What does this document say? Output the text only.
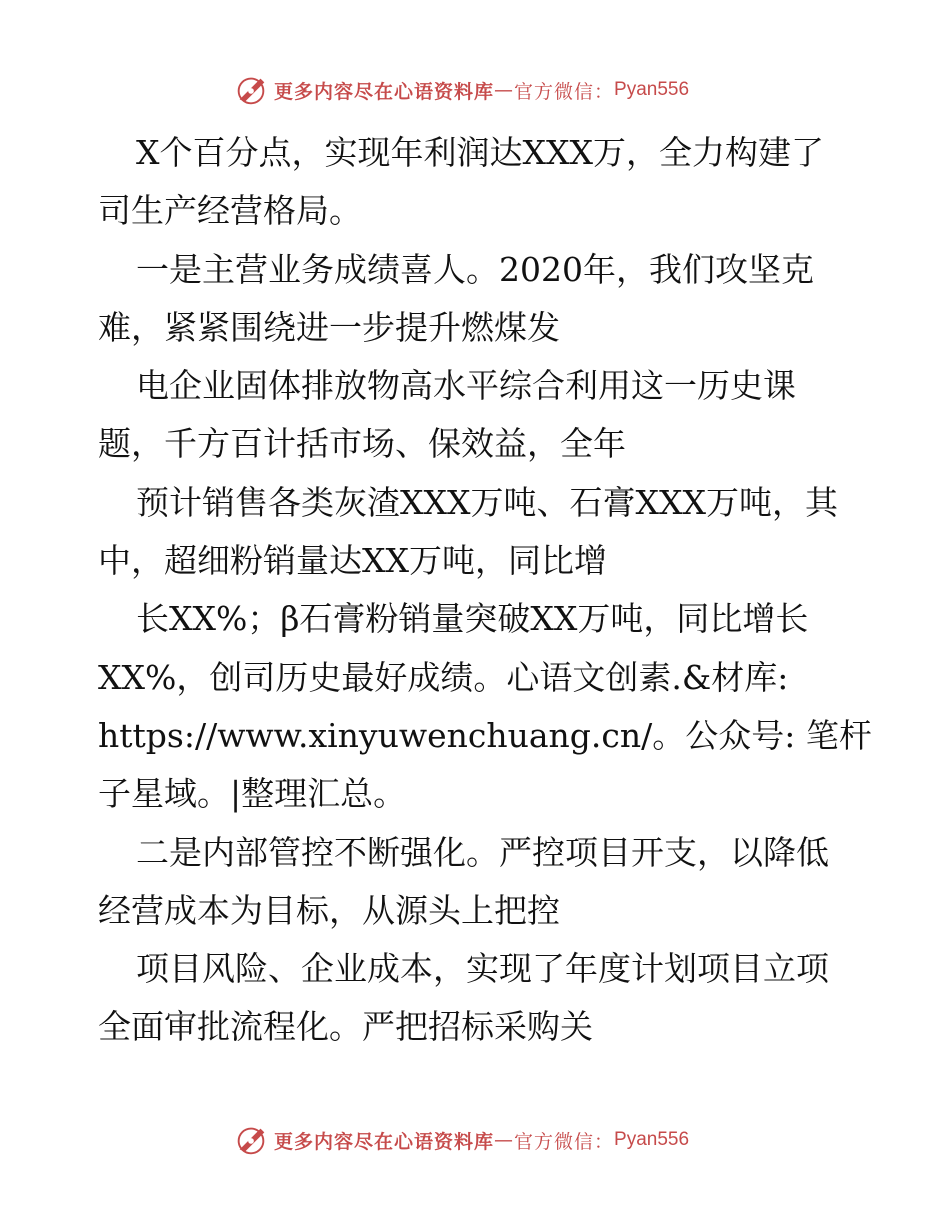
更多内容尽在心语资料库 — 官方微信： Pyan556
X个百分点，实现年利润达XXX万，全力构建了
司生产经营格局。
一是主营业务成绩喜人。2020年，我们攻坚克
难，紧紧围绕进一步提升燃煤发
电企业固体排放物高水平综合利用这一历史课
题，千方百计括市场、保效益，全年
预计销售各类灰渣XXX万吨、石膏XXX万吨，其
中，超细粉销量达XX万吨，同比增
长XX%；β石膏粉销量突破XX万吨，同比增长
XX%，创司历史最好成绩。心语文创素.&材库:
https://www.xinyuwenchuang.cn/。公众号: 笔杆
子星域。|整理汇总。
二是内部管控不断强化。严控项目开支，以降低
经营成本为目标，从源头上把控
项目风险、企业成本，实现了年度计划项目立项
全面审批流程化。严把招标采购关
更多内容尽在心语资料库 — 官方微信： Pyan556
